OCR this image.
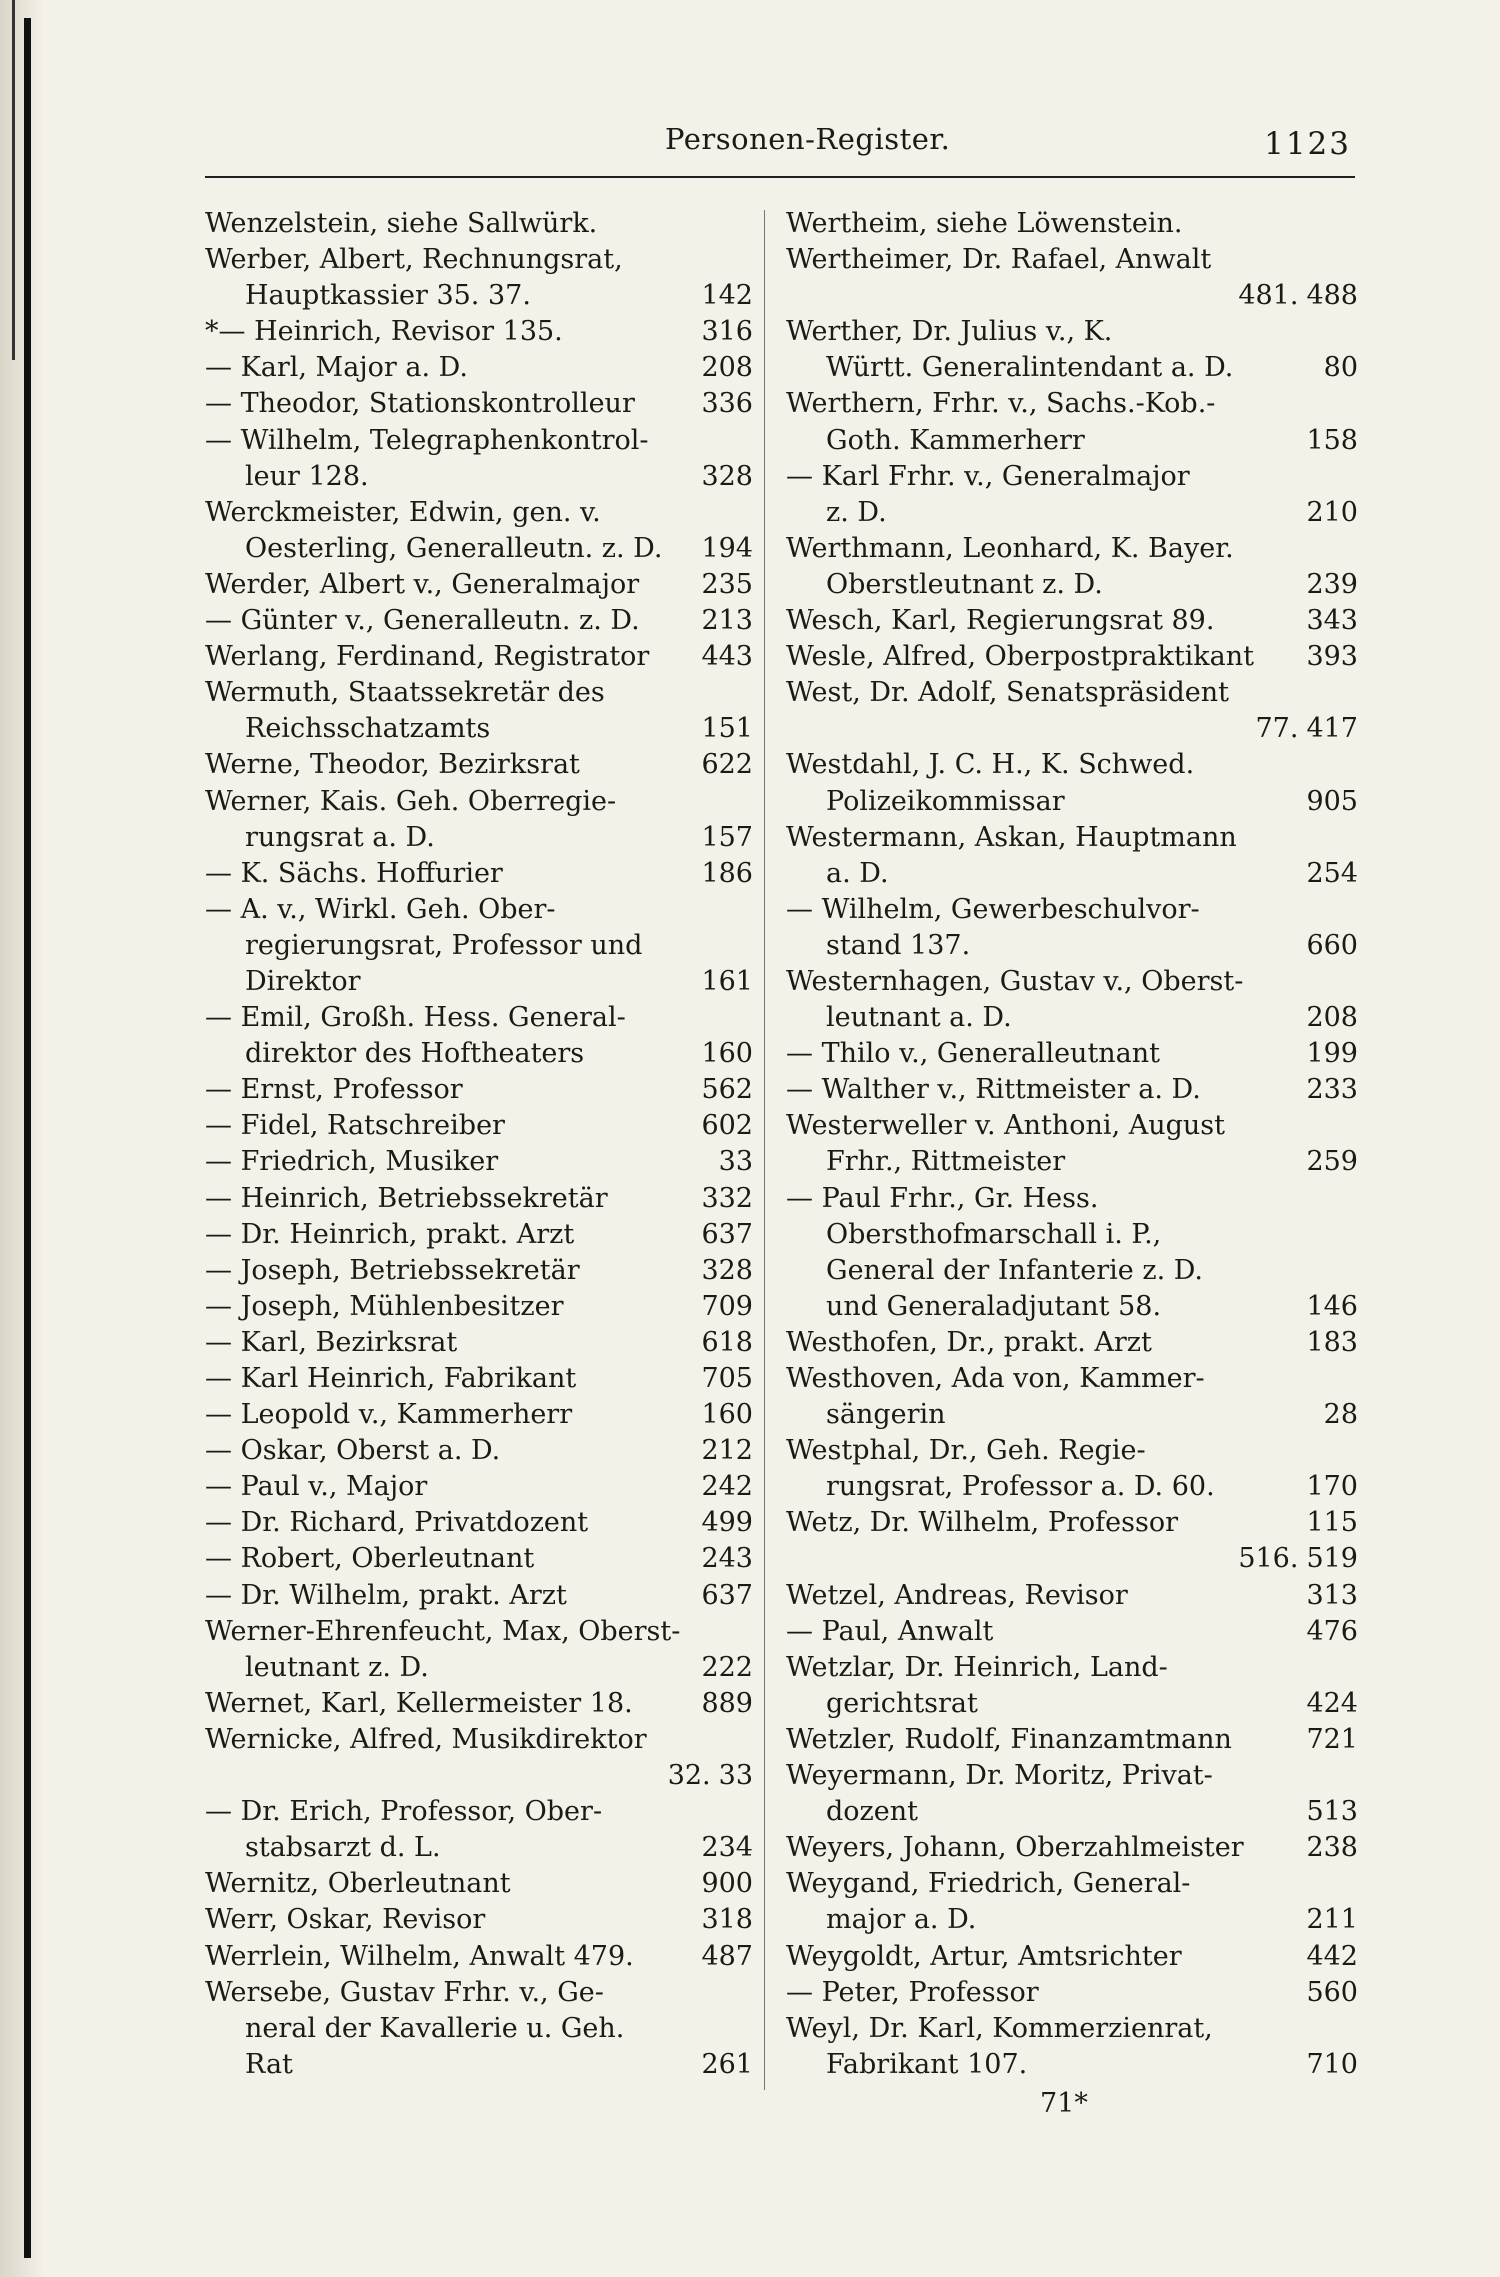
Personen-Register.	1123
Wenzelstein, siehe Sallwürk.
Werber, Albert, Rechnungsrat,
Hauptkassier 35. 37.	142
*— Heinrich, Revisor 135.	316
— Karl, Major a. D.	208
— Theodor, Stationskontrolleur	336
— Wilhelm, Telegraphenkontrol-
leur 128.	328
Werckmeister, Edwin, gen. v.
Oesterling, Generalleutn. z. D.	194
Werder, Albert v., Generalmajor	235
— Günter v., Generalleutn. z. D.	213
Werlang, Ferdinand, Registrator	443
Wermuth, Staatssekretär des
Reichsschatzamts	151
Werne, Theodor, Bezirksrat	622
Werner, Kais. Geh. Oberregie-
rungsrat a. D.	157
— K. Sächs. Hoffurier	186
— A. v., Wirkl. Geh. Ober-
regierungsrat, Professor und
Direktor	161
— Emil, Großh. Hess. General-
direktor des Hoftheaters	160
— Ernst, Professor	562
— Fidel, Ratschreiber	602
— Friedrich, Musiker	33
— Heinrich, Betriebssekretär	332
— Dr. Heinrich, prakt. Arzt	637
— Joseph, Betriebssekretär	328
— Joseph, Mühlenbesitzer	709
— Karl, Bezirksrat	618
— Karl Heinrich, Fabrikant	705
— Leopold v., Kammerherr	160
— Oskar, Oberst a. D.	212
— Paul v., Major	242
— Dr. Richard, Privatdozent	499
— Robert, Oberleutnant	243
— Dr. Wilhelm, prakt. Arzt	637
Werner-Ehrenfeucht, Max, Oberst-
leutnant z. D.	222
Wernet, Karl, Kellermeister 18.	889
Wernicke, Alfred, Musikdirektor
32. 33
— Dr. Erich, Professor, Ober-
stabsarzt d. L.	234
Wernitz, Oberleutnant	900
Werr, Oskar, Revisor	318
Werrlein, Wilhelm, Anwalt 479.	487
Wersebe, Gustav Frhr. v., Ge-
neral der Kavallerie u. Geh.
Rat	261
Wertheim, siehe Löwenstein.
Wertheimer, Dr. Rafael, Anwalt
481. 488
Werther, Dr. Julius v., K.
Württ. Generalintendant a. D.	80
Werthern, Frhr. v., Sachs.-Kob.-
Goth. Kammerherr	158
— Karl Frhr. v., Generalmajor
z. D.	210
Werthmann, Leonhard, K. Bayer.
Oberstleutnant z. D.	239
Wesch, Karl, Regierungsrat 89.	343
Wesle, Alfred, Oberpostpraktikant	393
West, Dr. Adolf, Senatspräsident
77. 417
Westdahl, J. C. H., K. Schwed.
Polizeikommissar	905
Westermann, Askan, Hauptmann
a. D.	254
— Wilhelm, Gewerbeschulvor-
stand 137.	660
Westernhagen, Gustav v., Oberst-
leutnant a. D.	208
— Thilo v., Generalleutnant	199
— Walther v., Rittmeister a. D.	233
Westerweller v. Anthoni, August
Frhr., Rittmeister	259
— Paul Frhr., Gr. Hess.
Obersthofmarschall i. P.,
General der Infanterie z. D.
und Generaladjutant 58.	146
Westhofen, Dr., prakt. Arzt	183
Westhoven, Ada von, Kammer-
sängerin	28
Westphal, Dr., Geh. Regie-
rungsrat, Professor a. D. 60.	170
Wetz, Dr. Wilhelm, Professor	115
516. 519
Wetzel, Andreas, Revisor	313
— Paul, Anwalt	476
Wetzlar, Dr. Heinrich, Land-
gerichtsrat	424
Wetzler, Rudolf, Finanzamtmann	721
Weyermann, Dr. Moritz, Privat-
dozent	513
Weyers, Johann, Oberzahlmeister	238
Weygand, Friedrich, General-
major a. D.	211
Weygoldt, Artur, Amtsrichter	442
— Peter, Professor	560
Weyl, Dr. Karl, Kommerzienrat,
Fabrikant 107.	710
71*
